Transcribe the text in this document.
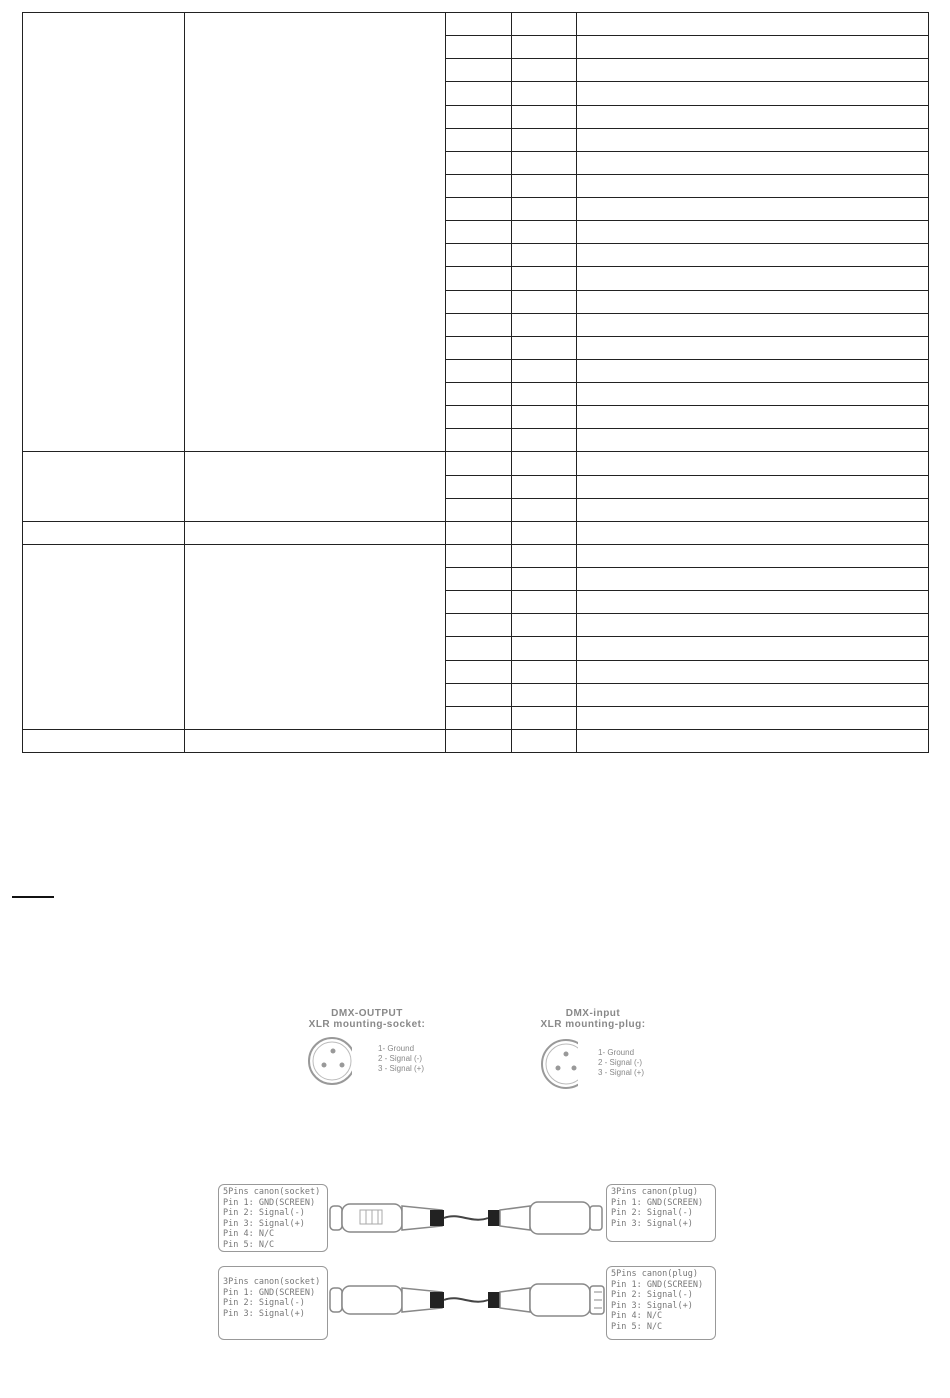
DMX-OUTPUT
XLR mounting-socket:
1- Ground
2 - Signal (-)
3 - Signal (+)
DMX-input
XLR mounting-plug:
1- Ground
2 - Signal (-)
3 - Signal (+)
5Pins canon(socket)
Pin 1: GND(SCREEN)
Pin 2: Signal(-)
Pin 3: Signal(+)
Pin 4: N/C
Pin 5: N/C
3Pins canon(plug)
Pin 1: GND(SCREEN)
Pin 2: Signal(-)
Pin 3: Signal(+)
3Pins canon(socket)
Pin 1: GND(SCREEN)
Pin 2: Signal(-)
Pin 3: Signal(+)
5Pins canon(plug)
Pin 1: GND(SCREEN)
Pin 2: Signal(-)
Pin 3: Signal(+)
Pin 4: N/C
Pin 5: N/C
